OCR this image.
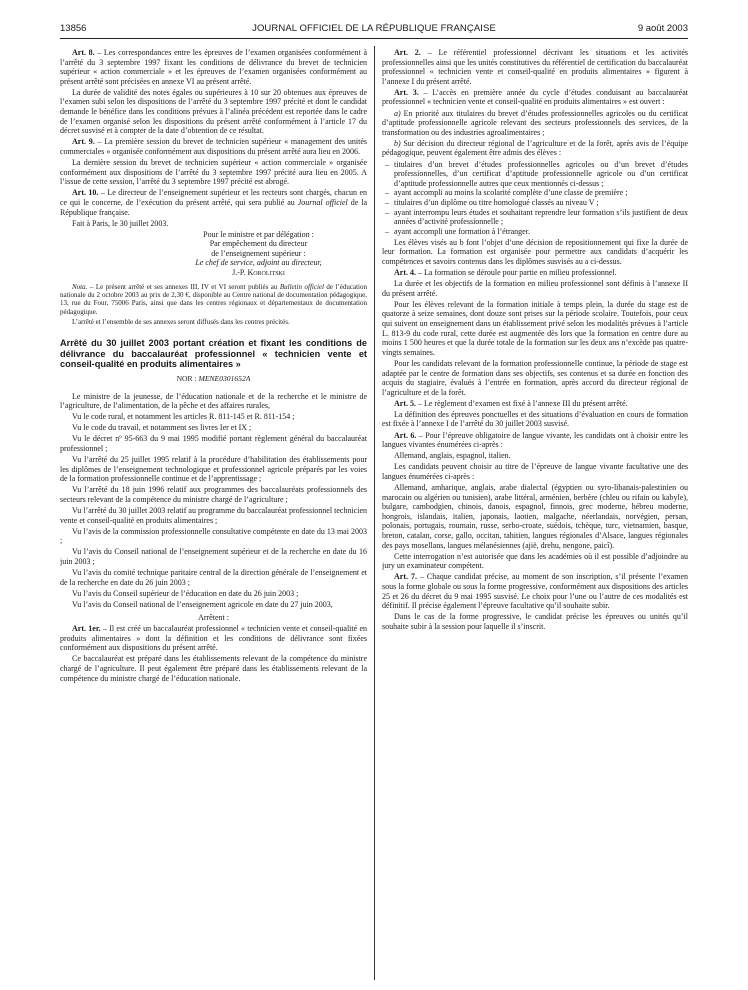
13856	JOURNAL OFFICIEL DE LA RÉPUBLIQUE FRANÇAISE	9 août 2003

Art. 8. – Les correspondances entre les épreuves de l’examen organisées conformément à l’arrêté du 3 septembre 1997 fixant les conditions de délivrance du brevet de technicien supérieur « action commerciale » et les épreuves de l’examen organisées conformément au présent arrêté sont précisées en annexe VI au présent arrêté.

La durée de validité des notes égales ou supérieures à 10 sur 20 obtenues aux épreuves de l’examen subi selon les dispositions de l’arrêté du 3 septembre 1997 précité et dont le candidat demande le bénéfice dans les conditions prévues à l’alinéa précédent est reportée dans le cadre de l’examen organisé selon les dispositions du présent arrêté conformément à l’article 17 du décret susvisé et à compter de la date d’obtention de ce résultat.

Art. 9. – La première session du brevet de technicien supérieur « management des unités commerciales » organisée conformément aux dispositions du présent arrêté aura lieu en 2006.

La dernière session du brevet de technicien supérieur « action commerciale » organisée conformément aux dispositions de l’arrêté du 3 septembre 1997 précité aura lieu en 2005. A l’issue de cette session, l’arrêté du 3 septembre 1997 précité est abrogé.

Art. 10. – Le directeur de l’enseignement supérieur et les recteurs sont chargés, chacun en ce qui le concerne, de l’exécution du présent arrêté, qui sera publié au Journal officiel de la République française.

Fait à Paris, le 30 juillet 2003.

Pour le ministre et par délégation :

Par empêchement du directeur

de l’enseignement supérieur :

Le chef de service, adjoint au directeur,

J.-P. Korolitski

Nota. – Le présent arrêté et ses annexes III, IV et VI seront publiés au Bulletin officiel de l’éducation nationale du 2 octobre 2003 au prix de 2,30 €, disponible au Centre national de documentation pédagogique, 13, rue du Four, 75006 Paris, ainsi que dans les centres régionaux et départementaux de documentation pédagogique.

L’arrêté et l’ensemble de ses annexes seront diffusés dans les centres précités.

Arrêté du 30 juillet 2003 portant création et fixant les conditions de délivrance du baccalauréat professionnel « technicien vente et conseil-qualité en produits alimentaires »

NOR : MENE0301652A

Le ministre de la jeunesse, de l’éducation nationale et de la recherche et le ministre de l’agriculture, de l’alimentation, de la pêche et des affaires rurales,

Vu le code rural, et notamment les articles R. 811-145 et R. 811-154 ;

Vu le code du travail, et notamment ses livres Ier et IX ;

Vu le décret nº 95-663 du 9 mai 1995 modifié portant règlement général du baccalauréat professionnel ;

Vu l’arrêté du 25 juillet 1995 relatif à la procédure d’habilitation des établissements pour les diplômes de l’enseignement technologique et professionnel agricole préparés par les voies de la formation professionnelle continue et de l’apprentissage ;

Vu l’arrêté du 18 juin 1996 relatif aux programmes des baccalauréats professionnels des secteurs relevant de la compétence du ministre chargé de l’agriculture ;

Vu l’arrêté du 30 juillet 2003 relatif au programme du baccalauréat professionnel technicien vente et conseil-qualité en produits alimentaires ;

Vu l’avis de la commission professionnelle consultative compétente en date du 13 mai 2003 ;

Vu l’avis du Conseil national de l’enseignement supérieur et de la recherche en date du 16 juin 2003 ;

Vu l’avis du comité technique paritaire central de la direction générale de l’enseignement et de la recherche en date du 26 juin 2003 ;

Vu l’avis du Conseil supérieur de l’éducation en date du 26 juin 2003 ;

Vu l’avis du Conseil national de l’enseignement agricole en date du 27 juin 2003,

Arrêtent :

Art. 1er. – Il est créé un baccalauréat professionnel « technicien vente et conseil-qualité en produits alimentaires » dont la définition et les conditions de délivrance sont fixées conformément aux dispositions du présent arrêté.

Ce baccalauréat est préparé dans les établissements relevant de la compétence du ministre chargé de l’agriculture. Il peut également être préparé dans les établissements relevant de la compétence du ministre chargé de l’éducation nationale.

Art. 2. – Le référentiel professionnel décrivant les situations et les activités professionnelles ainsi que les unités constitutives du référentiel de certification du baccalauréat professionnel « technicien vente et conseil-qualité en produits alimentaires » figurent à l’annexe I du présent arrêté.

Art. 3. – L’accès en première année du cycle d’études conduisant au baccalauréat professionnel « technicien vente et conseil-qualité en produits alimentaires » est ouvert :

a) En priorité aux titulaires du brevet d’études professionnelles agricoles ou du certificat d’aptitude professionnelle agricole relevant des secteurs professionnels des services, de la transformation ou des industries agroalimentaires ;

b) Sur décision du directeur régional de l’agriculture et de la forêt, après avis de l’équipe pédagogique, peuvent également être admis des élèves :

– titulaires d’un brevet d’études professionnelles agricoles ou d’un brevet d’études professionnelles, d’un certificat d’aptitude professionnelle agricole ou d’un certificat d’aptitude professionnelle autres que ceux mentionnés ci-dessus ;
– ayant accompli au moins la scolarité complète d’une classe de première ;
– titulaires d’un diplôme ou titre homologué classés au niveau V ;
– ayant interrompu leurs études et souhaitant reprendre leur formation s’ils justifient de deux années d’activité professionnelle ;
– ayant accompli une formation à l’étranger.

Les élèves visés au b font l’objet d’une décision de repositionnement qui fixe la durée de leur formation. La formation est organisée pour permettre aux candidats d’acquérir les compétences et savoirs contenus dans les diplômes susvisés au a ci-dessus.

Art. 4. – La formation se déroule pour partie en milieu professionnel.

La durée et les objectifs de la formation en milieu professionnel sont définis à l’annexe II du présent arrêté.

Pour les élèves relevant de la formation initiale à temps plein, la durée du stage est de quatorze à seize semaines, dont douze sont prises sur la période scolaire. Toutefois, pour ceux qui suivent un enseignement dans un établissement privé selon les modalités prévues à l’article L. 813-9 du code rural, cette durée est augmentée dès lors que la formation en centre dure au moins 1 500 heures et que la durée totale de la formation sur les deux ans n’excède pas quatre-vingts semaines.

Pour les candidats relevant de la formation professionnelle continue, la période de stage est adaptée par le centre de formation dans ses objectifs, ses contenus et sa durée en fonction des acquis du stagiaire, évalués à l’entrée en formation, après accord du directeur régional de l’agriculture et de la forêt.

Art. 5. – Le règlement d’examen est fixé à l’annexe III du présent arrêté.

La définition des épreuves ponctuelles et des situations d’évaluation en cours de formation est fixée à l’annexe I de l’arrêté du 30 juillet 2003 susvisé.

Art. 6. – Pour l’épreuve obligatoire de langue vivante, les candidats ont à choisir entre les langues vivantes énumérées ci-après :

Allemand, anglais, espagnol, italien.

Les candidats peuvent choisir au titre de l’épreuve de langue vivante facultative une des langues énumérées ci-après :

Allemand, amharique, anglais, arabe dialectal (égyptien ou syro-libanais-palestinien ou marocain ou algérien ou tunisien), arabe littéral, arménien, berbère (chleu ou rifain ou kabyle), bulgare, cambodgien, chinois, danois, espagnol, finnois, grec moderne, hébreu moderne, hongrois, islandais, italien, japonais, laotien, malgache, néerlandais, norvégien, persan, polonais, portugais, roumain, russe, serbo-croate, suédois, tchèque, turc, vietnamien, basque, breton, catalan, corse, gallo, occitan, tahitien, langues régionales d’Alsace, langues régionales des pays mosellans, langues mélanésiennes (ajië, drehu, nengone, paicî).

Cette interrogation n’est autorisée que dans les académies où il est possible d’adjoindre au jury un examinateur compétent.

Art. 7. – Chaque candidat précise, au moment de son inscription, s’il présente l’examen sous la forme globale ou sous la forme progressive, conformément aux dispositions des articles 25 et 26 du décret du 9 mai 1995 susvisé. Le choix pour l’une ou l’autre de ces modalités est définitif. Il précise également l’épreuve facultative qu’il souhaite subir.

Dans le cas de la forme progressive, le candidat précise les épreuves ou unités qu’il souhaite subir à la session pour laquelle il s’inscrit.
